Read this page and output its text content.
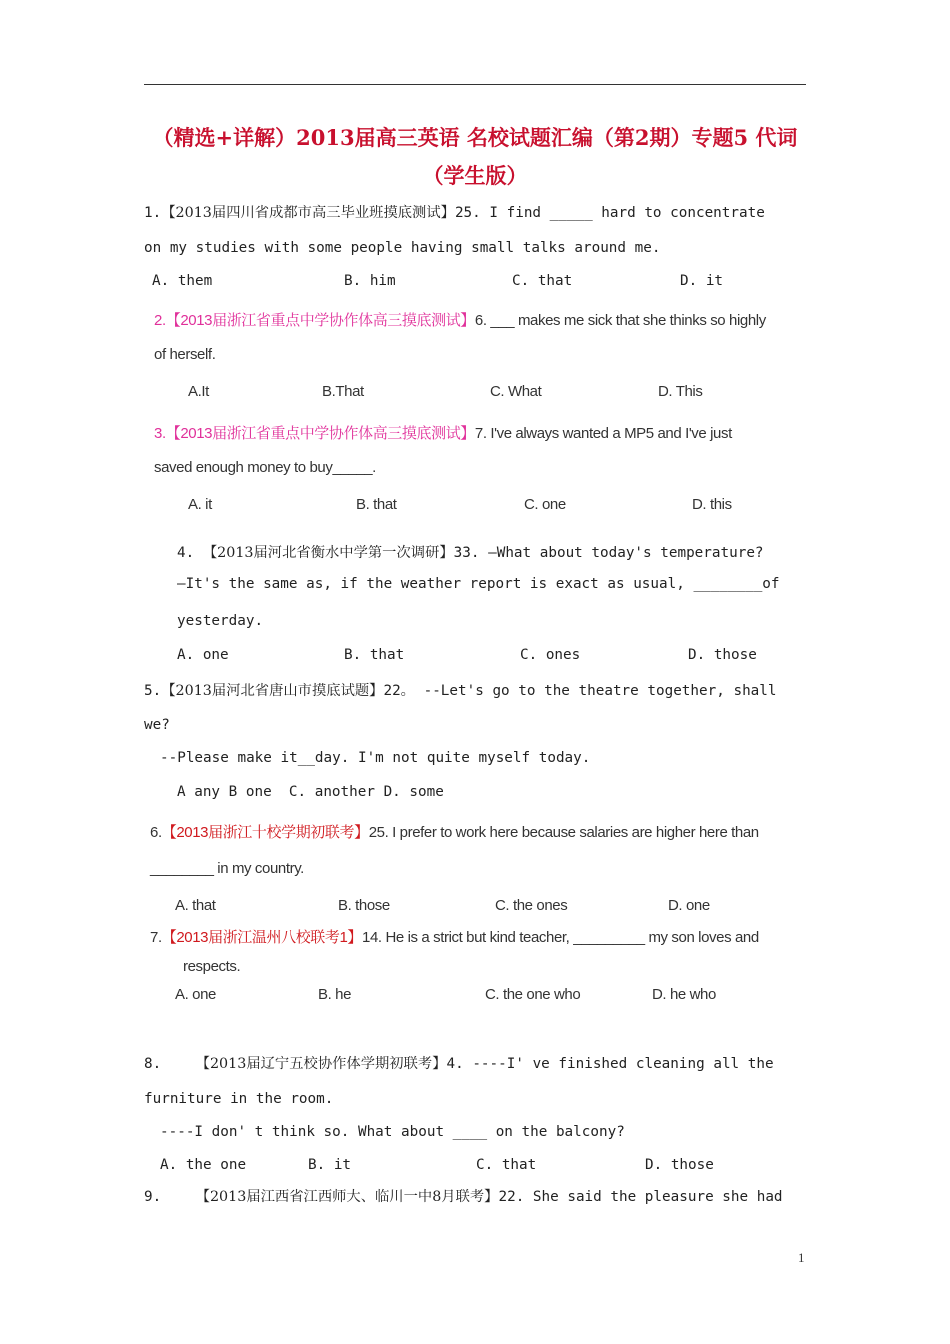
（精选+详解）2013届高三英语 名校试题汇编（第2期）专题5 代词
（学生版）
1.【2013届四川省成都市高三毕业班摸底测试】25. I find _____ hard to concentrate
on my studies with some people having small talks around me.
A. them	B. him	C. that	D. it
2.【2013届浙江省重点中学协作体高三摸底测试】6. ___ makes me sick that she thinks so highly
of herself.
A.It	B.That	C. What	D. This
3.【2013届浙江省重点中学协作体高三摸底测试】7. I've always wanted a MP5 and I've just
saved enough money to buy_____.
A. it	B. that	C. one	D. this
4. 【2013届河北省衡水中学第一次调研】33. —What about today's temperature?
—It's the same as, if the weather report is exact as usual, ________of
yesterday.
A. one	B. that	C. ones	D. those
5.【2013届河北省唐山市摸底试题】22。 --Let's go to the theatre together, shall
we?
--Please make it__day. I'm not quite myself today.
A any B one  C. another D. some
6.【2013届浙江十校学期初联考】25. I prefer to work here because salaries are higher here than
________ in my country.
A. that	B. those	C. the ones	D. one
7.【2013届浙江温州八校联考1】14. He is a strict but kind teacher, _________ my son loves and
respects.
A. one	B. he	C. the one who	D. he who
8. 【2013届辽宁五校协作体学期初联考】4. ----I' ve finished cleaning all the
furniture in the room.
----I don' t think so. What about ____ on the balcony?
A. the one	B. it	C. that	D. those
9. 【2013届江西省江西师大、临川一中8月联考】22. She said the pleasure she had
1
